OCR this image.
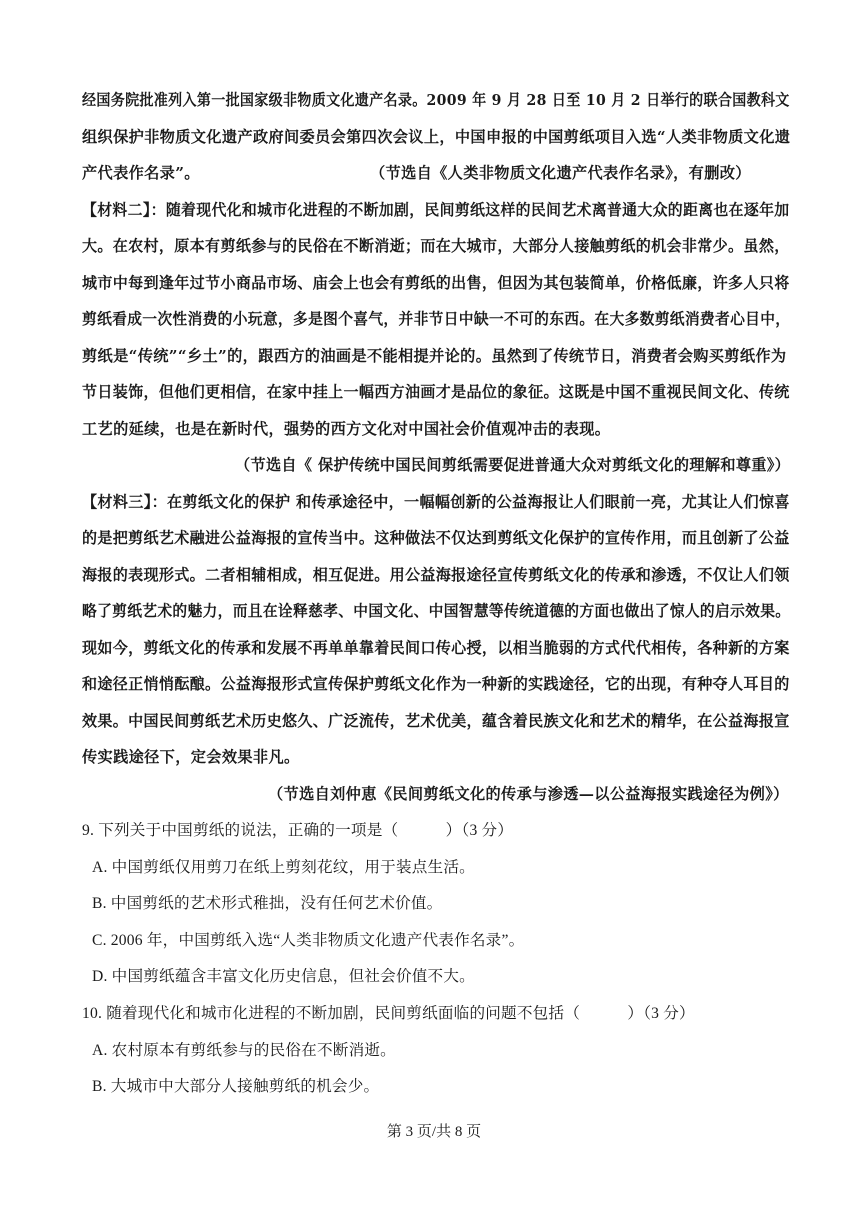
经国务院批准列入第一批国家级非物质文化遗产名录。2009 年 9 月 28 日至 10 月 2 日举行的联合国教科文
组织保护非物质文化遗产政府间委员会第四次会议上，中国申报的中国剪纸项目入选“人类非物质文化遗
产代表作名录”。	（节选自《人类非物质文化遗产代表作名录》，有删改）
【材料二】：随着现代化和城市化进程的不断加剧，民间剪纸这样的民间艺术离普通大众的距离也在逐年加
大。在农村，原本有剪纸参与的民俗在不断消逝；而在大城市，大部分人接触剪纸的机会非常少。虽然，
城市中每到逢年过节小商品市场、庙会上也会有剪纸的出售，但因为其包装简单，价格低廉，许多人只将
剪纸看成一次性消费的小玩意，多是图个喜气，并非节日中缺一不可的东西。在大多数剪纸消费者心目中，
剪纸是“传统”“乡土”的，跟西方的油画是不能相提并论的。虽然到了传统节日，消费者会购买剪纸作为
节日装饰，但他们更相信，在家中挂上一幅西方油画才是品位的象征。这既是中国不重视民间文化、传统
工艺的延续，也是在新时代，强势的西方文化对中国社会价值观冲击的表现。
（节选自《 保护传统中国民间剪纸需要促进普通大众对剪纸文化的理解和尊重》）
【材料三】：在剪纸文化的保护 和传承途径中，一幅幅创新的公益海报让人们眼前一亮，尤其让人们惊喜
的是把剪纸艺术融进公益海报的宣传当中。这种做法不仅达到剪纸文化保护的宣传作用，而且创新了公益
海报的表现形式。二者相辅相成，相互促进。用公益海报途径宣传剪纸文化的传承和渗透，不仅让人们领
略了剪纸艺术的魅力，而且在诠释慈孝、中国文化、中国智慧等传统道德的方面也做出了惊人的启示效果。
现如今，剪纸文化的传承和发展不再单单靠着民间口传心授，以相当脆弱的方式代代相传，各种新的方案
和途径正悄悄酝酿。公益海报形式宣传保护剪纸文化作为一种新的实践途径，它的出现，有种夺人耳目的
效果。中国民间剪纸艺术历史悠久、广泛流传，艺术优美，蕴含着民族文化和艺术的精华，在公益海报宣
传实践途径下，定会效果非凡。
（节选自刘仲恵《民间剪纸文化的传承与渗透—以公益海报实践途径为例》）
9. 下列关于中国剪纸的说法，正确的一项是（　　　）（3 分）
A. 中国剪纸仅用剪刀在纸上剪刻花纹，用于装点生活。
B. 中国剪纸的艺术形式稚拙，没有任何艺术价值。
C. 2006 年，中国剪纸入选“人类非物质文化遗产代表作名录”。
D. 中国剪纸蕴含丰富文化历史信息，但社会价值不大。
10. 随着现代化和城市化进程的不断加剧，民间剪纸面临的问题不包括（　　　）（3 分）
A. 农村原本有剪纸参与的民俗在不断消逝。
B. 大城市中大部分人接触剪纸的机会少。
第 3 页/共 8 页
